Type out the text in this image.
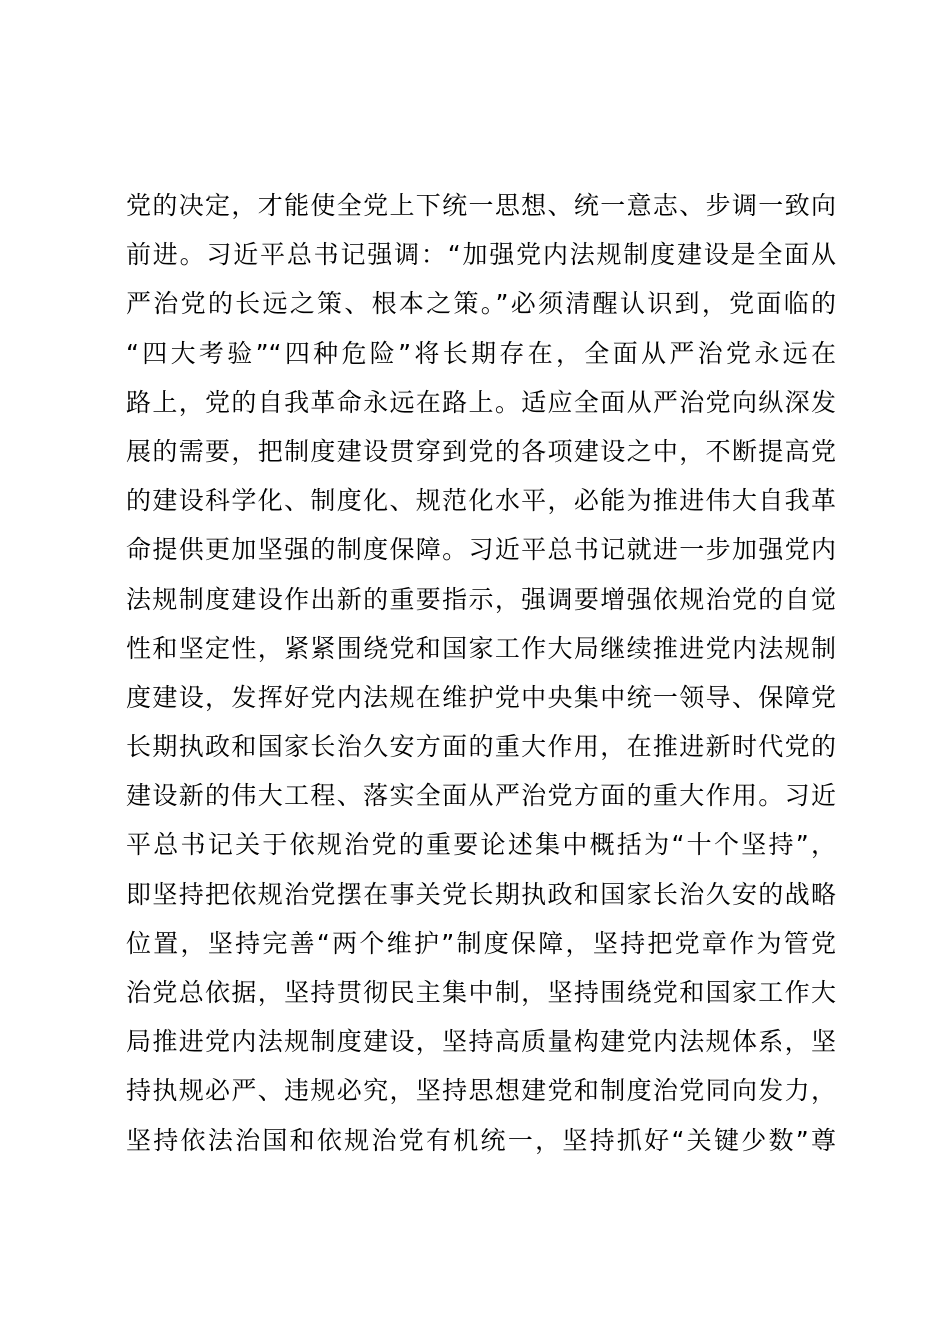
党的决定，才能使全党上下统一思想、统一意志、步调一致向
前进。习近平总书记强调：“加强党内法规制度建设是全面从
严治党的长远之策、根本之策。”必须清醒认识到，党面临的
“四大考验”“四种危险”将长期存在，全面从严治党永远在
路上，党的自我革命永远在路上。适应全面从严治党向纵深发
展的需要，把制度建设贯穿到党的各项建设之中，不断提高党
的建设科学化、制度化、规范化水平，必能为推进伟大自我革
命提供更加坚强的制度保障。习近平总书记就进一步加强党内
法规制度建设作出新的重要指示，强调要增强依规治党的自觉
性和坚定性，紧紧围绕党和国家工作大局继续推进党内法规制
度建设，发挥好党内法规在维护党中央集中统一领导、保障党
长期执政和国家长治久安方面的重大作用，在推进新时代党的
建设新的伟大工程、落实全面从严治党方面的重大作用。习近
平总书记关于依规治党的重要论述集中概括为“十个坚持”，
即坚持把依规治党摆在事关党长期执政和国家长治久安的战略
位置，坚持完善“两个维护”制度保障，坚持把党章作为管党
治党总依据，坚持贯彻民主集中制，坚持围绕党和国家工作大
局推进党内法规制度建设，坚持高质量构建党内法规体系，坚
持执规必严、违规必究，坚持思想建党和制度治党同向发力，
坚持依法治国和依规治党有机统一，坚持抓好“关键少数”尊
